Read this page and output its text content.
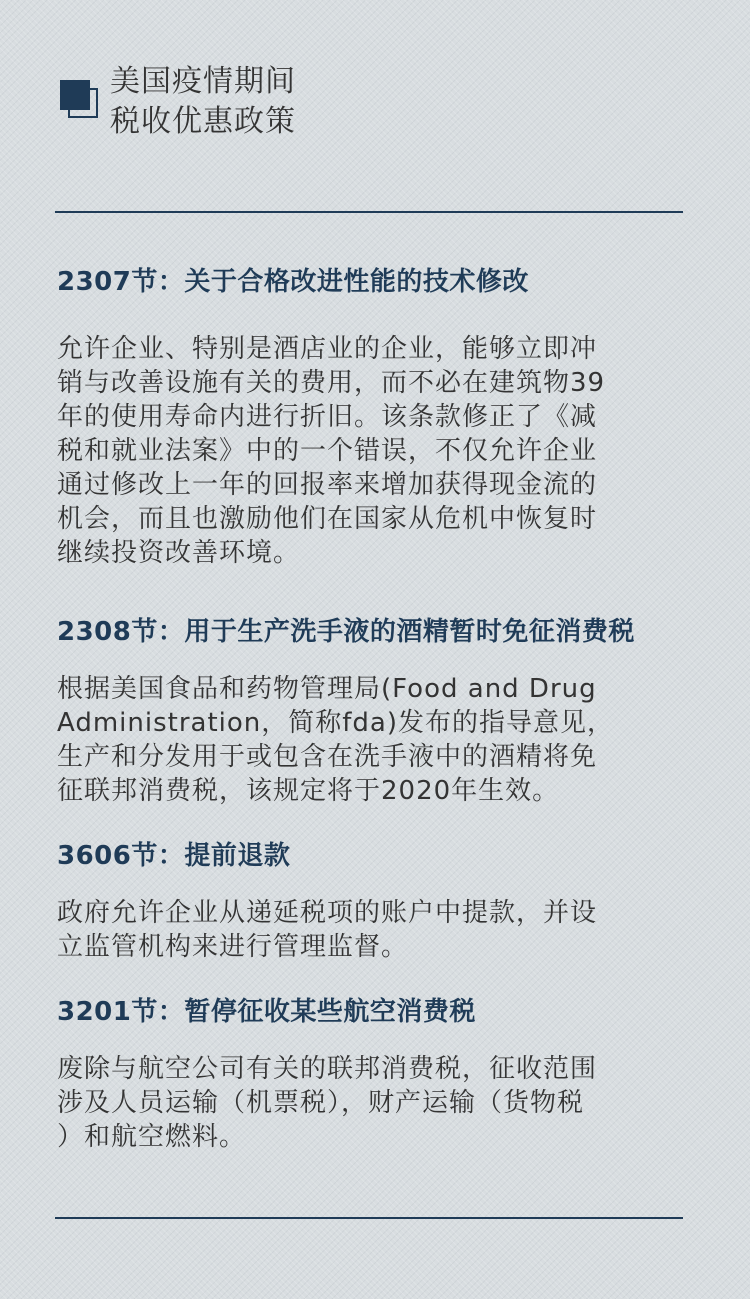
美国疫情期间
税收优惠政策
2307节：关于合格改进性能的技术修改
允许企业、特别是酒店业的企业，能够立即冲
销与改善设施有关的费用，而不必在建筑物39
年的使用寿命内进行折旧。该条款修正了《减
税和就业法案》中的一个错误，不仅允许企业
通过修改上一年的回报率来增加获得现金流的
机会，而且也激励他们在国家从危机中恢复时
继续投资改善环境。
2308节：用于生产洗手液的酒精暂时免征消费税
根据美国食品和药物管理局(Food and Drug
Administration，简称fda)发布的指导意见，
生产和分发用于或包含在洗手液中的酒精将免
征联邦消费税，该规定将于2020年生效。
3606节：提前退款
政府允许企业从递延税项的账户中提款，并设
立监管机构来进行管理监督。
3201节：暂停征收某些航空消费税
废除与航空公司有关的联邦消费税，征收范围
涉及人员运输（机票税），财产运输（货物税
）和航空燃料。
